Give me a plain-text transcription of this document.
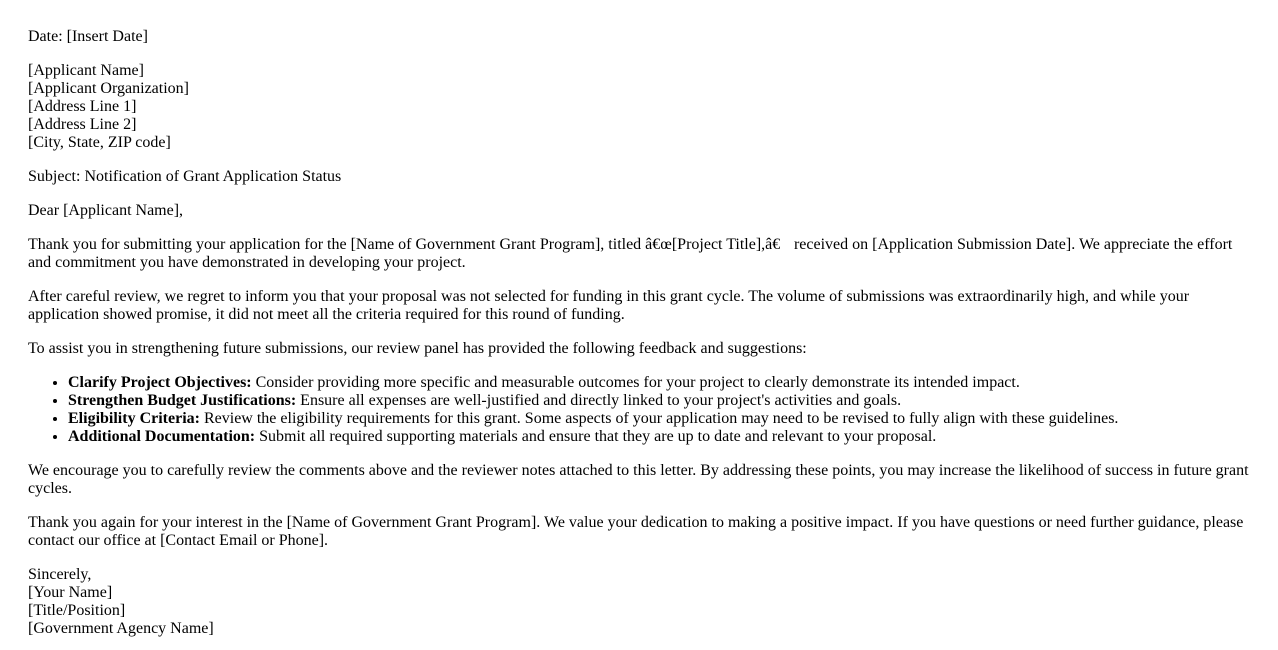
Date: [Insert Date]
[Applicant Name]
[Applicant Organization]
[Address Line 1]
[Address Line 2]
[City, State, ZIP code]
Subject: Notification of Grant Application Status
Dear [Applicant Name],

Thank you for submitting your application for the [Name of Government Grant Program], titled â€œ[Project Title],â€ received on [Application Submission Date]. We appreciate the effort and commitment you have demonstrated in developing your project.

After careful review, we regret to inform you that your proposal was not selected for funding in this grant cycle. The volume of submissions was extraordinarily high, and while your application showed promise, it did not meet all the criteria required for this round of funding.

To assist you in strengthening future submissions, our review panel has provided the following feedback and suggestions:

• Clarify Project Objectives: Consider providing more specific and measurable outcomes for your project to clearly demonstrate its intended impact.
• Strengthen Budget Justifications: Ensure all expenses are well-justified and directly linked to your project's activities and goals.
• Eligibility Criteria: Review the eligibility requirements for this grant. Some aspects of your application may need to be revised to fully align with these guidelines.
• Additional Documentation: Submit all required supporting materials and ensure that they are up to date and relevant to your proposal.

We encourage you to carefully review the comments above and the reviewer notes attached to this letter. By addressing these points, you may increase the likelihood of success in future grant cycles.

Thank you again for your interest in the [Name of Government Grant Program]. We value your dedication to making a positive impact. If you have questions or need further guidance, please contact our office at [Contact Email or Phone].

Sincerely,
[Your Name]
[Title/Position]
[Government Agency Name]
